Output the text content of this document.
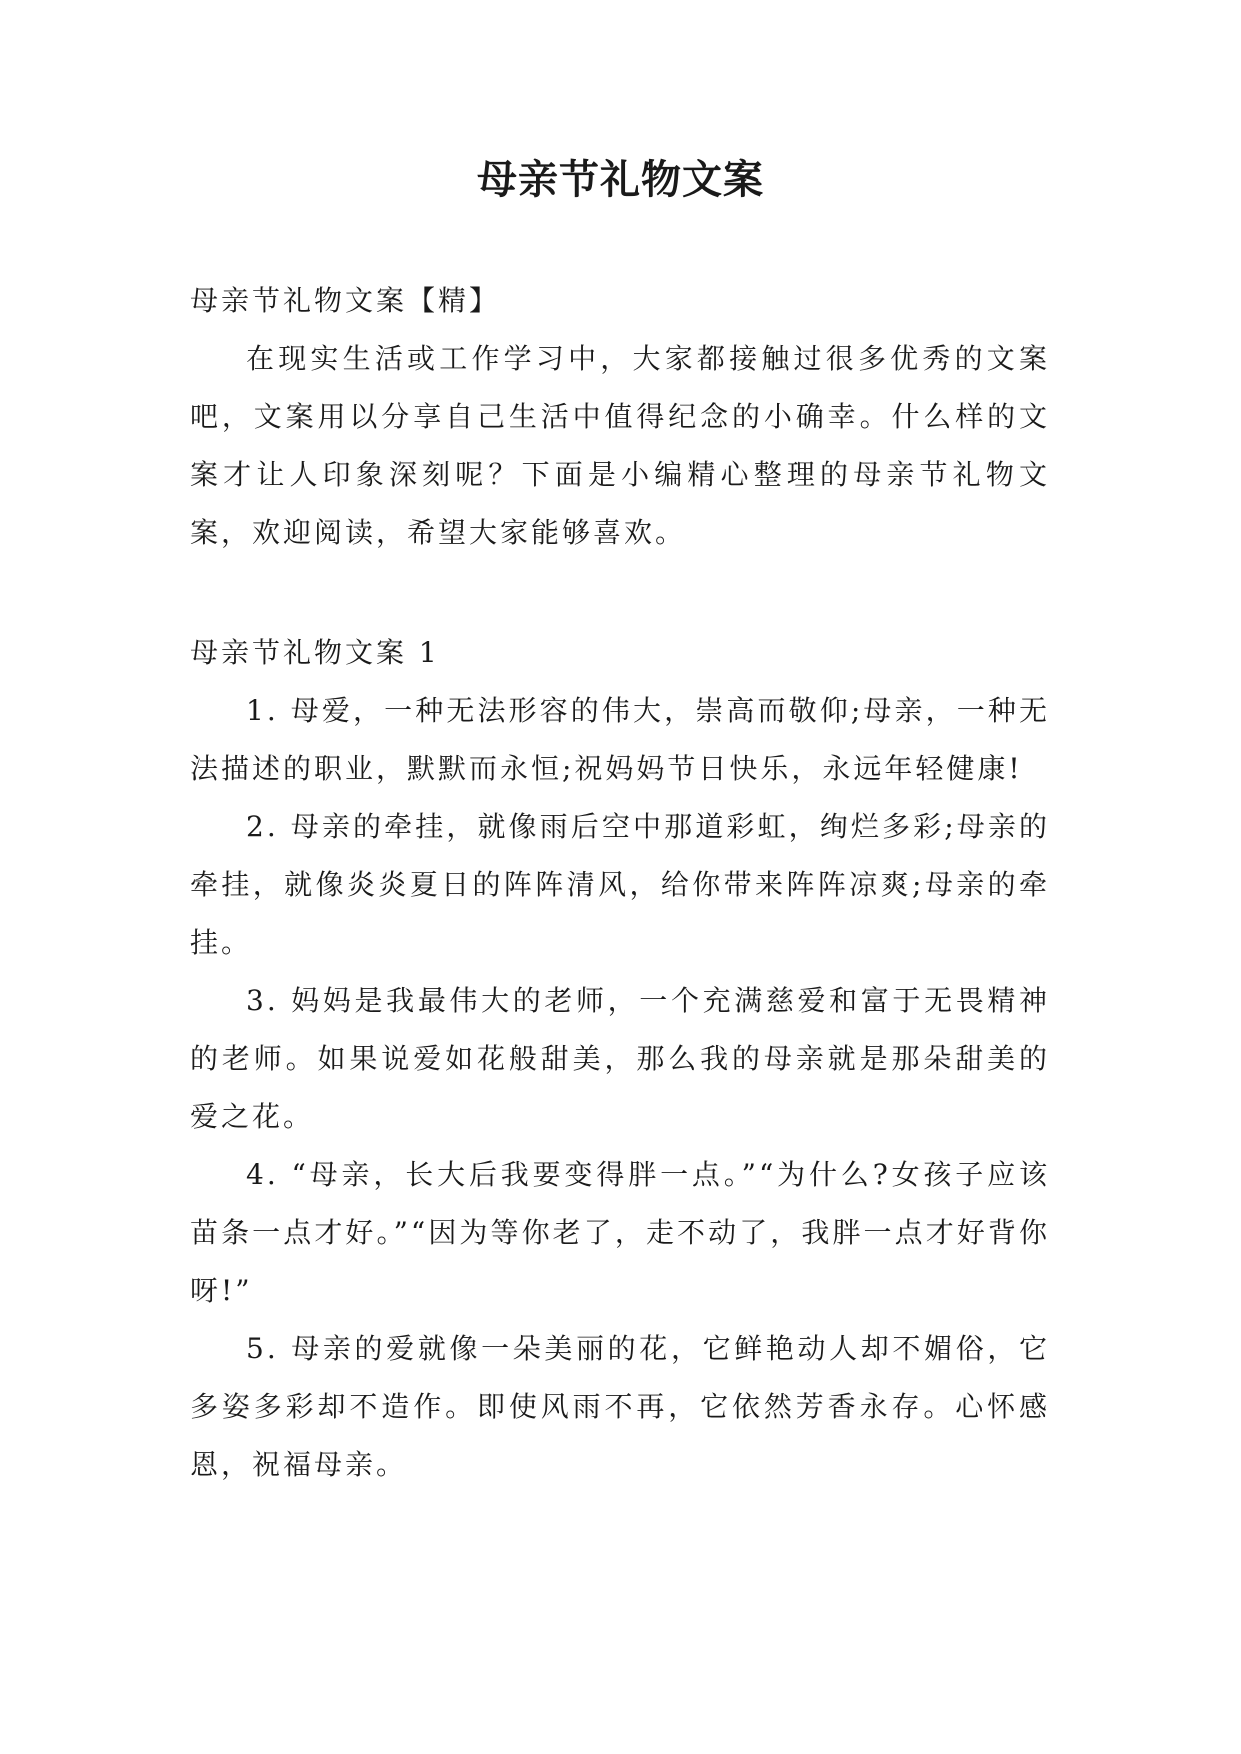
母亲节礼物文案

母亲节礼物文案【精】

在现实生活或工作学习中，大家都接触过很多优秀的文案吧，文案用以分享自己生活中值得纪念的小确幸。什么样的文案才让人印象深刻呢？下面是小编精心整理的母亲节礼物文案，欢迎阅读，希望大家能够喜欢。

母亲节礼物文案 1

1. 母爱，一种无法形容的伟大，崇高而敬仰;母亲，一种无法描述的职业，默默而永恒;祝妈妈节日快乐，永远年轻健康!

2. 母亲的牵挂，就像雨后空中那道彩虹，绚烂多彩;母亲的牵挂，就像炎炎夏日的阵阵清风，给你带来阵阵凉爽;母亲的牵挂。

3. 妈妈是我最伟大的老师，一个充满慈爱和富于无畏精神的老师。如果说爱如花般甜美，那么我的母亲就是那朵甜美的爱之花。

4. “母亲，长大后我要变得胖一点。”“为什么?女孩子应该苗条一点才好。”“因为等你老了，走不动了，我胖一点才好背你呀!”

5. 母亲的爱就像一朵美丽的花，它鲜艳动人却不媚俗，它多姿多彩却不造作。即使风雨不再，它依然芳香永存。心怀感恩，祝福母亲。
